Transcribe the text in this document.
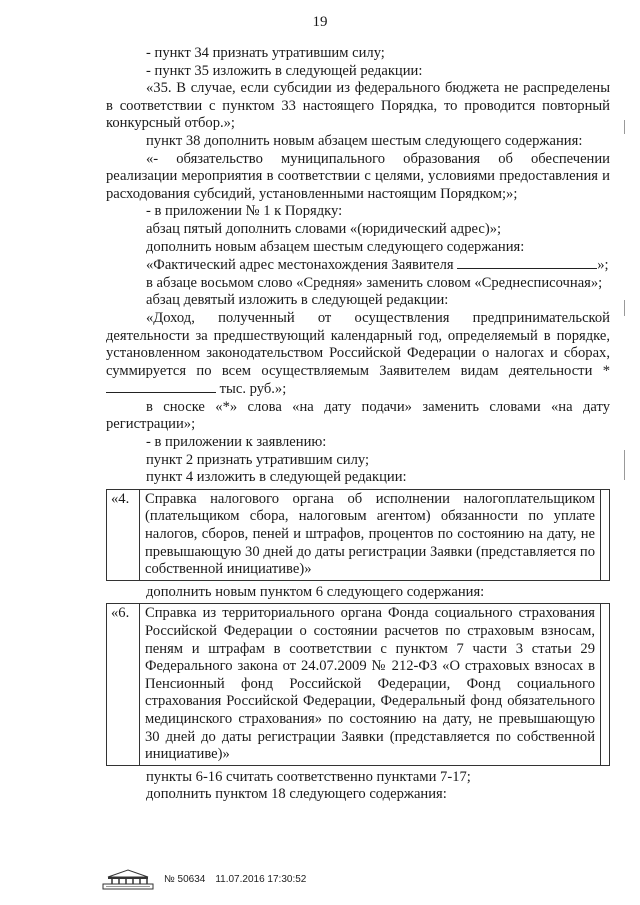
19

- пункт 34 признать утратившим силу;

- пункт 35 изложить в следующей редакции:

«35. В случае, если субсидии из федерального бюджета не распределены в соответствии с пунктом 33 настоящего Порядка, то проводится повторный конкурсный отбор.»;

пункт 38 дополнить новым абзацем шестым следующего содержания:

«- обязательство муниципального образования об обеспечении реализации мероприятия в соответствии с целями, условиями предоставления и расходования субсидий, установленными настоящим Порядком;»;

- в приложении № 1 к Порядку:

абзац пятый дополнить словами «(юридический адрес)»;

дополнить новым абзацем шестым следующего содержания:

«Фактический адрес местонахождения Заявителя	»;

в абзаце восьмом слово «Средняя» заменить словом «Среднесписочная»;

абзац девятый изложить в следующей редакции:

«Доход, полученный от осуществления предпринимательской деятельности за предшествующий календарный год, определяемый в порядке, установленном законодательством Российской Федерации о налогах и сборах, суммируется по всем осуществляемым Заявителем видам деятельности *  тыс. руб.»;

в сноске «*» слова «на дату подачи» заменить словами «на дату регистрации»;

- в приложении к заявлению:

пункт 2 признать утратившим силу;

пункт 4 изложить в следующей редакции:

«4.	Справка налогового органа об исполнении налогоплательщиком (плательщиком сбора, налоговым агентом) обязанности по уплате налогов, сборов, пеней и штрафов, процентов по состоянию на дату, не превышающую 30 дней до даты регистрации Заявки (представляется по собственной инициативе)»	

дополнить новым пунктом 6 следующего содержания:

«6.	Справка из территориального органа Фонда социального страхования Российской Федерации о состоянии расчетов по страховым взносам, пеням и штрафам в соответствии с пунктом 7 части 3 статьи 29 Федерального закона от 24.07.2009 № 212-ФЗ «О страховых взносах в Пенсионный фонд Российской Федерации, Фонд социального страхования Российской Федерации, Федеральный фонд обязательного медицинского страхования» по состоянию на дату, не превышающую 30 дней до даты регистрации Заявки (представляется по собственной инициативе)»	

пункты 6-16 считать соответственно пунктами 7-17;

дополнить пунктом 18 следующего содержания:

№ 50634 11.07.2016 17:30:52
